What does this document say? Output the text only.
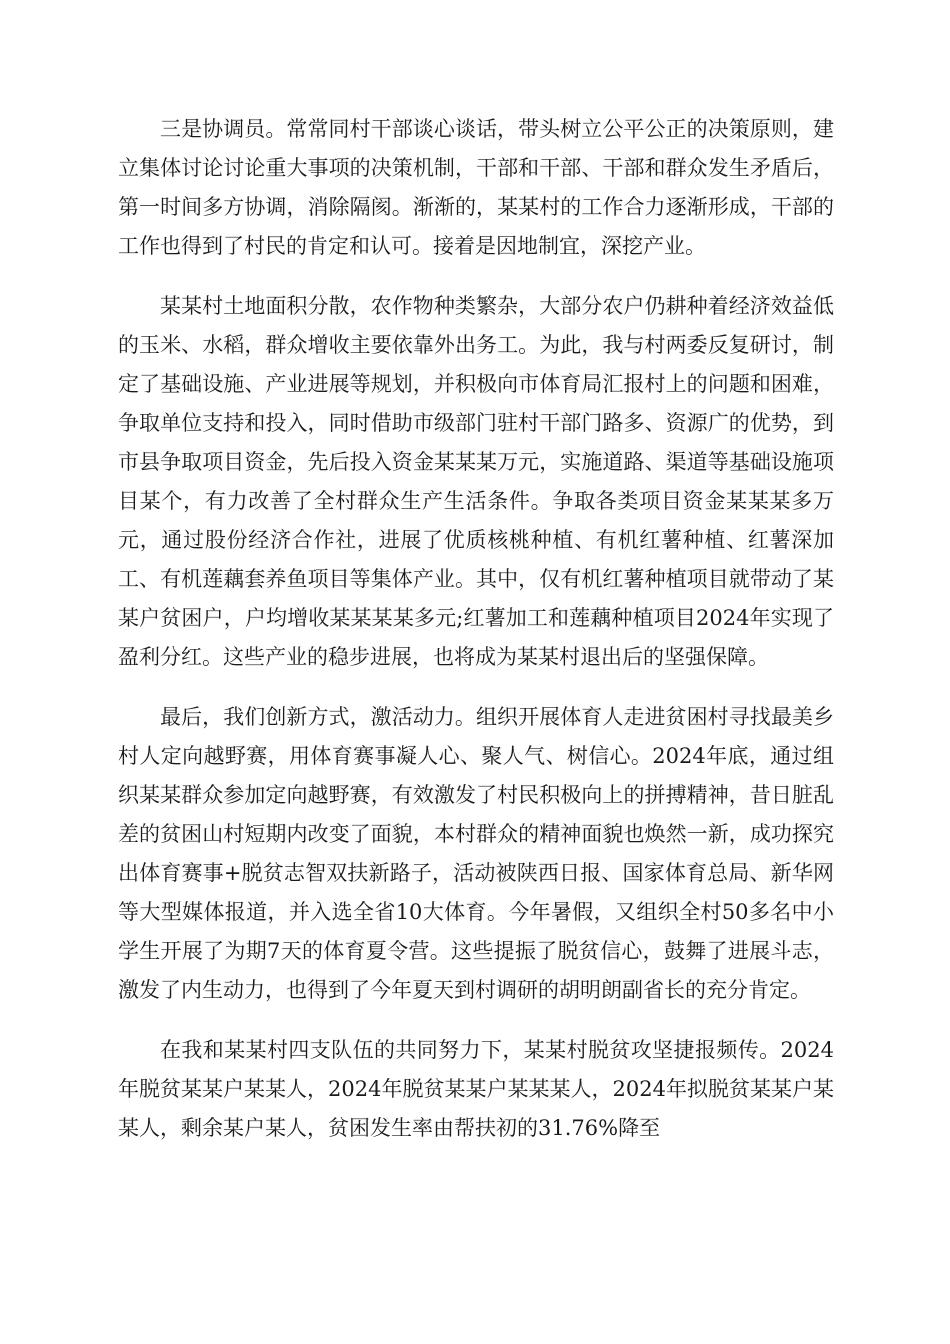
三是协调员。常常同村干部谈心谈话，带头树立公平公正的决策原则，建立集体讨论讨论重大事项的决策机制，干部和干部、干部和群众发生矛盾后，第一时间多方协调，消除隔阂。渐渐的，某某村的工作合力逐渐形成，干部的工作也得到了村民的肯定和认可。接着是因地制宜，深挖产业。

某某村土地面积分散，农作物种类繁杂，大部分农户仍耕种着经济效益低的玉米、水稻，群众增收主要依靠外出务工。为此，我与村两委反复研讨，制定了基础设施、产业进展等规划，并积极向市体育局汇报村上的问题和困难，争取单位支持和投入，同时借助市级部门驻村干部门路多、资源广的优势，到市县争取项目资金，先后投入资金某某某万元，实施道路、渠道等基础设施项目某个，有力改善了全村群众生产生活条件。争取各类项目资金某某某多万元，通过股份经济合作社，进展了优质核桃种植、有机红薯种植、红薯深加工、有机莲藕套养鱼项目等集体产业。其中，仅有机红薯种植项目就带动了某某户贫困户，户均增收某某某某多元;红薯加工和莲藕种植项目2024年实现了盈利分红。这些产业的稳步进展，也将成为某某村退出后的坚强保障。

最后，我们创新方式，激活动力。组织开展体育人走进贫困村寻找最美乡村人定向越野赛，用体育赛事凝人心、聚人气、树信心。2024年底，通过组织某某群众参加定向越野赛，有效激发了村民积极向上的拼搏精神，昔日脏乱差的贫困山村短期内改变了面貌，本村群众的精神面貌也焕然一新，成功探究出体育赛事+脱贫志智双扶新路子，活动被陕西日报、国家体育总局、新华网等大型媒体报道，并入选全省10大体育。今年暑假，又组织全村50多名中小学生开展了为期7天的体育夏令营。这些提振了脱贫信心，鼓舞了进展斗志，激发了内生动力，也得到了今年夏天到村调研的胡明朗副省长的充分肯定。

在我和某某村四支队伍的共同努力下，某某村脱贫攻坚捷报频传。2024年脱贫某某户某某人，2024年脱贫某某户某某某人，2024年拟脱贫某某户某某人，剩余某户某人，贫困发生率由帮扶初的31.76%降至
